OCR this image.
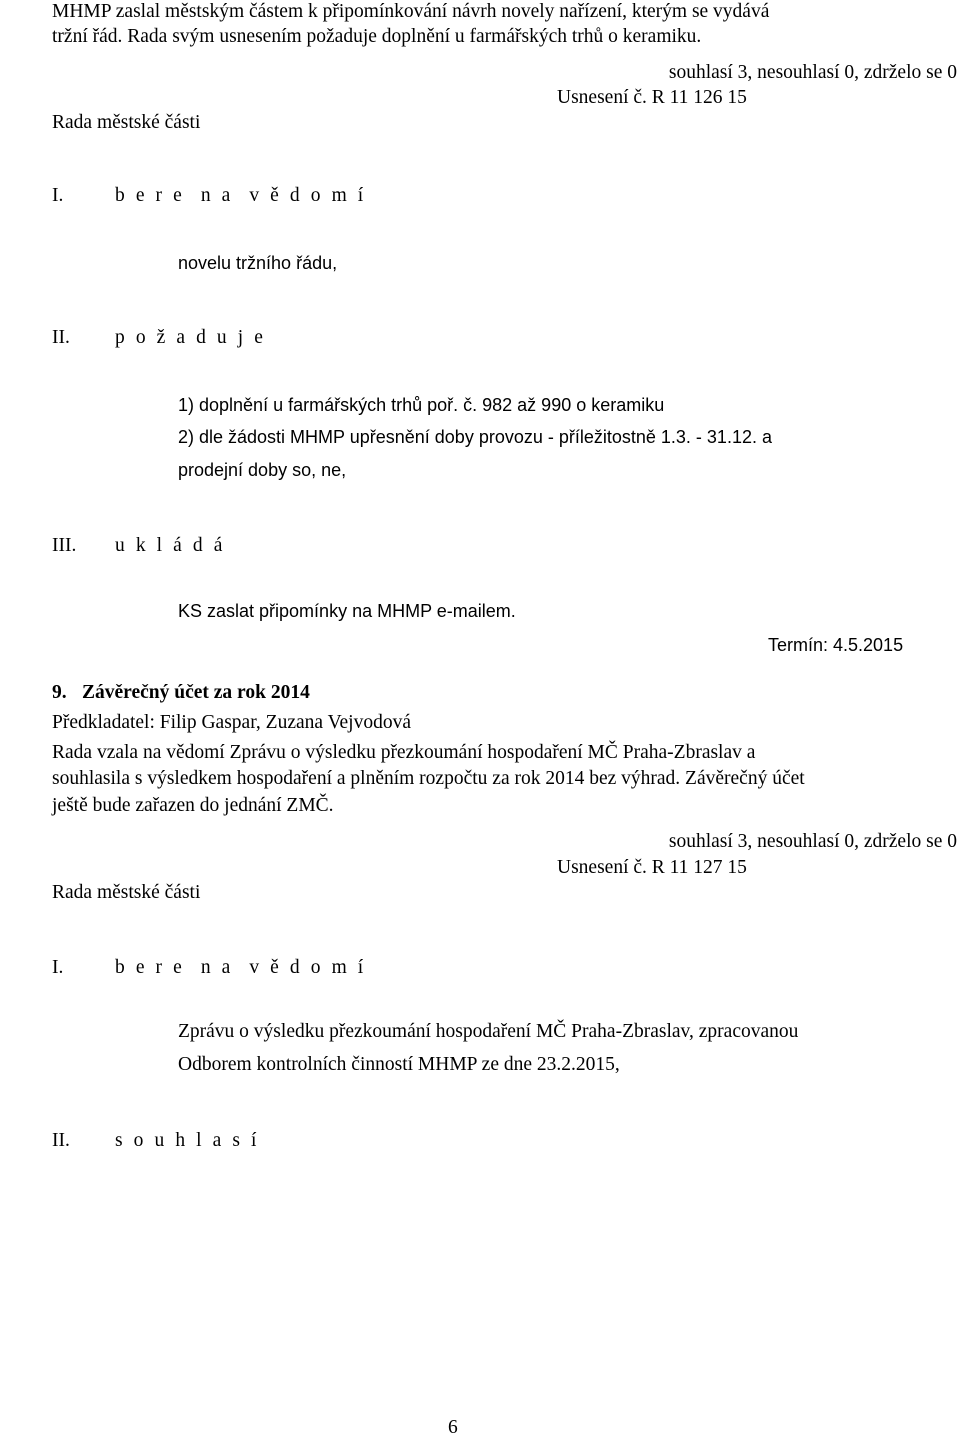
MHMP zaslal městským částem k připomínkování návrh novely nařízení, kterým se vydává
tržní řád. Rada svým usnesením požaduje doplnění u farmářských trhů o keramiku.
souhlasí 3, nesouhlasí 0, zdrželo se 0
Usnesení č. R 11 126 15
Rada městské části
I.	b e r e  n a  v ě d o m í
novelu tržního řádu,
II. p o ž a d u j e
1) doplnění u farmářských trhů poř. č. 982 až 990 o keramiku
2) dle žádosti MHMP upřesnění doby provozu - příležitostně 1.3. - 31.12. a
prodejní doby so, ne,
III. u k l á d á
KS zaslat připomínky na MHMP e-mailem.
Termín: 4.5.2015
9. Závěrečný účet za rok 2014
Předkladatel: Filip Gaspar, Zuzana Vejvodová
Rada vzala na vědomí Zprávu o výsledku přezkoumání hospodaření MČ Praha-Zbraslav a
souhlasila s výsledkem hospodaření a plněním rozpočtu za rok 2014 bez výhrad. Závěrečný účet
ještě bude zařazen do jednání ZMČ.
souhlasí 3, nesouhlasí 0, zdrželo se 0
Usnesení č. R 11 127 15
Rada městské části
I.	b e r e  n a  v ě d o m í
Zprávu o výsledku přezkoumání hospodaření MČ Praha-Zbraslav, zpracovanou
Odborem kontrolních činností MHMP ze dne 23.2.2015,
II. s o u h l a s í
6
